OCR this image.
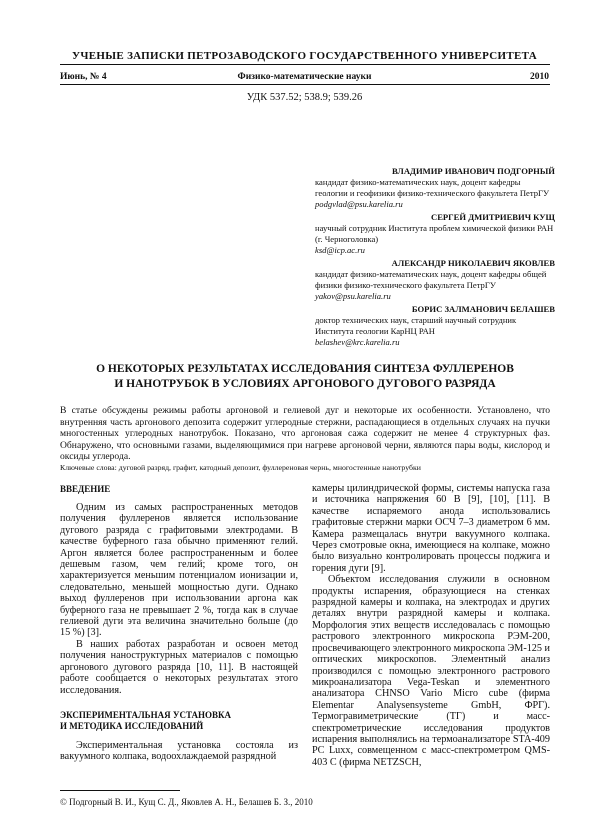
УЧЕНЫЕ ЗАПИСКИ ПЕТРОЗАВОДСКОГО ГОСУДАРСТВЕННОГО УНИВЕРСИТЕТА
Июнь, № 4	Физико-математические науки	2010
УДК 537.52; 538.9; 539.26
ВЛАДИМИР ИВАНОВИЧ ПОДГОРНЫЙ
кандидат физико-математических наук, доцент кафедры геологии и геофизики физико-технического факультета ПетрГУ
podgvlad@psu.karelia.ru
СЕРГЕЙ ДМИТРИЕВИЧ КУЩ
научный сотрудник Института проблем химической физики РАН (г. Черноголовка)
ksd@icp.ac.ru
АЛЕКСАНДР НИКОЛАЕВИЧ ЯКОВЛЕВ
кандидат физико-математических наук, доцент кафедры общей физики физико-технического факультета ПетрГУ
yakov@psu.karelia.ru
БОРИС ЗАЛМАНОВИЧ БЕЛАШЕВ
доктор технических наук, старший научный сотрудник Института геологии КарНЦ РАН
belashev@krc.karelia.ru
О НЕКОТОРЫХ РЕЗУЛЬТАТАХ ИССЛЕДОВАНИЯ СИНТЕЗА ФУЛЛЕРЕНОВ
И НАНОТРУБОК В УСЛОВИЯХ АРГОНОВОГО ДУГОВОГО РАЗРЯДА
В статье обсуждены режимы работы аргоновой и гелиевой дуг и некоторые их особенности. Установлено, что внутренняя часть аргонового депозита содержит углеродные стержни, распадающиеся в отдельных случаях на пучки многостенных углеродных нанотрубок. Показано, что аргоновая сажа содержит не менее 4 структурных фаз. Обнаружено, что основными газами, выделяющимися при нагреве аргоновой черни, являются пары воды, кислород и оксиды углерода.
Ключевые слова: дуговой разряд, графит, катодный депозит, фуллереновая чернь, многостенные нанотрубки
ВВЕДЕНИЕ

Одним из самых распространенных методов получения фуллеренов является использование дугового разряда с графитовыми электродами. В качестве буферного газа обычно применяют гелий. Аргон является более распространенным и более дешевым газом, чем гелий; кроме того, он характеризуется меньшим потенциалом ионизации и, следовательно, меньшей мощностью дуги. Однако выход фуллеренов при использовании аргона как буферного газа не превышает 2 %, тогда как в случае гелиевой дуги эта величина значительно больше (до 15 %) [3].

В наших работах разработан и освоен метод получения наноструктурных материалов с помощью аргонового дугового разряда [10, 11]. В настоящей работе сообщается о некоторых результатах этого исследования.

ЭКСПЕРИМЕНТАЛЬНАЯ УСТАНОВКА
И МЕТОДИКА ИССЛЕДОВАНИЙ

Экспериментальная установка состояла из вакуумного колпака, водоохлаждаемой разрядной

камеры цилиндрической формы, системы напуска газа и источника напряжения 60 В [9], [10], [11]. В качестве испаряемого анода использовались графитовые стержни марки ОСЧ 7–3 диаметром 6 мм. Камера размещалась внутри вакуумного колпака. Через смотровые окна, имеющиеся на колпаке, можно было визуально контролировать процессы поджига и горения дуги [9].

Объектом исследования служили в основном продукты испарения, образующиеся на стенках разрядной камеры и колпака, на электродах и других деталях внутри разрядной камеры и колпака. Морфология этих веществ исследовалась с помощью растрового электронного микроскопа РЭМ-200, просвечивающего электронного микроскопа ЭМ-125 и оптических микроскопов. Элементный анализ производился с помощью электронного растрового микроанализатора Vega-Teskan и элементного анализатора CHNSO Vario Micro cube (фирма Elementar Analysensysteme GmbH, ФРГ). Термогравиметрические (ТГ) и масс-спектрометрические исследования продуктов испарения выполнялись на термоанализаторе STA-409 PC Luxx, совмещенном с масс-спектрометром QMS-403 C (фирма NETZSCH,

© Подгорный В. И., Кущ С. Д., Яковлев А. Н., Белашев Б. З., 2010
